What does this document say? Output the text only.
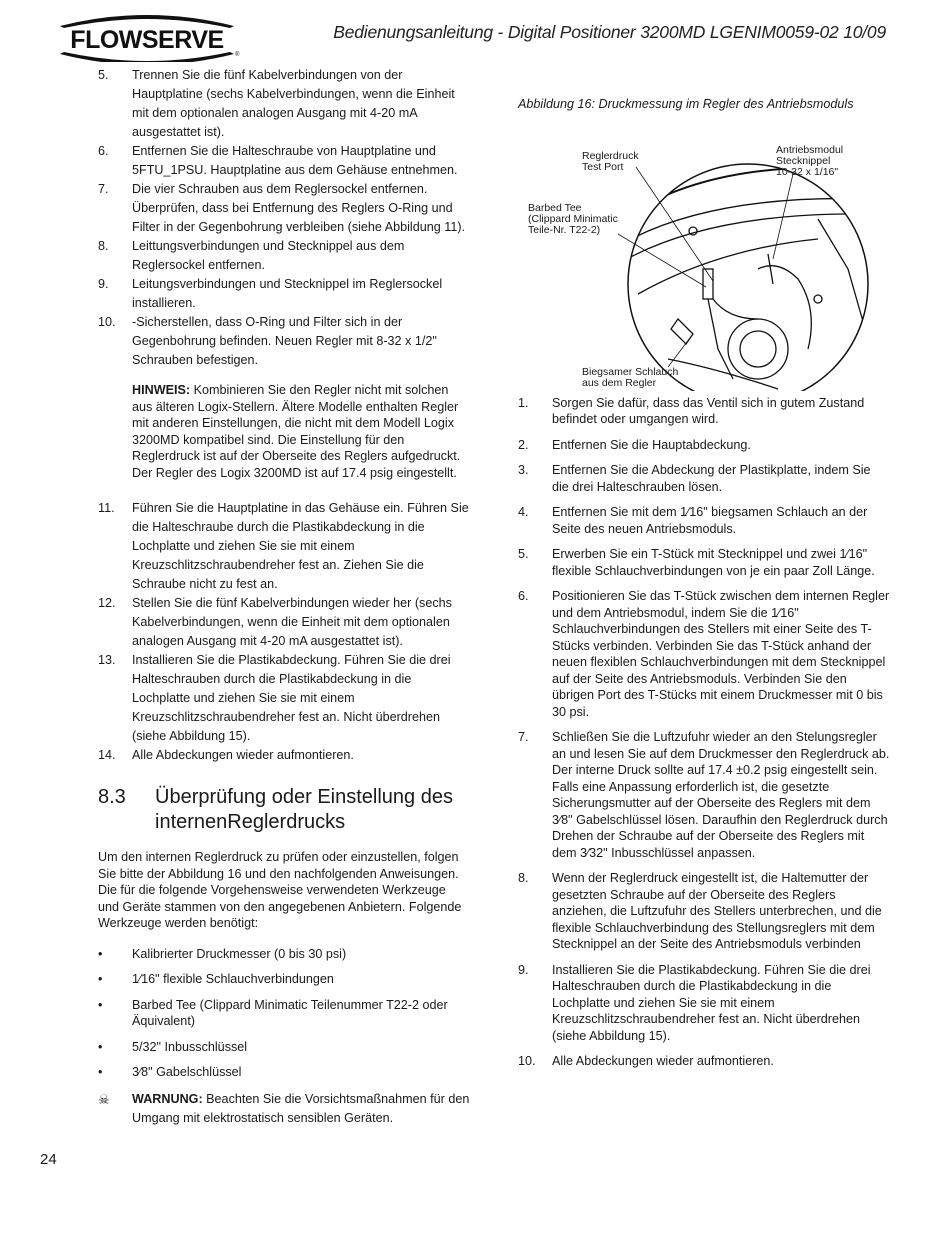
FLOWSERVE
®
Bedienungsanleitung - Digital Positioner 3200MD LGENIM0059-02 10/09
5. Trennen Sie die fünf Kabelverbindungen von der Hauptplatine (sechs Kabelverbindungen, wenn die Einheit mit dem optionalen analogen Ausgang mit 4-20 mA ausgestattet ist).
6. Entfernen Sie die Halteschraube von Hauptplatine und 5FTU_1PSU. Hauptplatine aus dem Gehäuse entnehmen.
7. Die vier Schrauben aus dem Reglersockel entfernen. Überprüfen, dass bei Entfernung des Reglers O-Ring und Filter in der Gegenbohrung verbleiben (siehe Abbildung 11).
8. Leittungsverbindungen und Stecknippel aus dem Reglersockel entfernen.
9. Leitungsverbindungen und Stecknippel im Reglersockel installieren.
10. -Sicherstellen, dass O-Ring und Filter sich in der Gegenbohrung befinden. Neuen Regler mit 8-32 x 1/2" Schrauben befestigen.
HINWEIS: Kombinieren Sie den Regler nicht mit solchen aus älteren Logix-Stellern. Ältere Modelle enthalten Regler mit anderen Einstellungen, die nicht mit dem Modell Logix 3200MD kompatibel sind. Die Einstellung für den Reglerdruck ist auf der Oberseite des Reglers aufgedruckt. Der Regler des Logix 3200MD ist auf 17.4 psig eingestellt.
11. Führen Sie die Hauptplatine in das Gehäuse ein. Führen Sie die Halteschraube durch die Plastikabdeckung in die Lochplatte und ziehen Sie sie mit einem Kreuzschlitzschraubendreher fest an. Ziehen Sie die Schraube nicht zu fest an.
12. Stellen Sie die fünf Kabelverbindungen wieder her (sechs Kabelverbindungen, wenn die Einheit mit dem optionalen analogen Ausgang mit 4-20 mA ausgestattet ist).
13. Installieren Sie die Plastikabdeckung. Führen Sie die drei Halteschrauben durch die Plastikabdeckung in die Lochplatte und ziehen Sie sie mit einem Kreuzschlitzschraubendreher fest an. Nicht überdrehen (siehe Abbildung 15).
14. Alle Abdeckungen wieder aufmontieren.
8.3 Überprüfung oder Einstellung des internenReglerdrucks
Um den internen Reglerdruck zu prüfen oder einzustellen, folgen Sie bitte der Abbildung 16 und den nachfolgenden Anweisungen. Die für die folgende Vorgehensweise verwendeten Werkzeuge und Geräte stammen von den angegebenen Anbietern. Folgende Werkzeuge werden benötigt:
• Kalibrierter Druckmesser (0 bis 30 psi)
• 1⁄16" flexible Schlauchverbindungen
• Barbed Tee (Clippard Minimatic Teilenummer T22-2 oder Äquivalent)
• 5/32" Inbusschlüssel
• 3⁄8" Gabelschlüssel
☠ WARNUNG: Beachten Sie die Vorsichtsmaßnahmen für den Umgang mit elektrostatisch sensiblen Geräten.
Abbildung 16: Druckmessung im Regler des Antriebsmoduls
Reglerdruck
Test Port
Antriebsmodul
Stecknippel
10-32 x 1/16"
Barbed Tee
(Clippard Minimatic
Teile-Nr. T22-2)
Biegsamer Schlauch
aus dem Regler
1. Sorgen Sie dafür, dass das Ventil sich in gutem Zustand befindet oder umgangen wird.
2. Entfernen Sie die Hauptabdeckung.
3. Entfernen Sie die Abdeckung der Plastikplatte, indem Sie die drei Halteschrauben lösen.
4. Entfernen Sie mit dem 1⁄16" biegsamen Schlauch an der Seite des neuen Antriebsmoduls.
5. Erwerben Sie ein T-Stück mit Stecknippel und zwei 1⁄16" flexible Schlauchverbindungen von je ein paar Zoll Länge.
6. Positionieren Sie das T-Stück zwischen dem internen Regler und dem Antriebsmodul, indem Sie die 1⁄16" Schlauchverbindungen des Stellers mit einer Seite des T-Stücks verbinden. Verbinden Sie das T-Stück anhand der neuen flexiblen Schlauchverbindungen mit dem Stecknippel auf der Seite des Antriebsmoduls. Verbinden Sie den übrigen Port des T-Stücks mit einem Druckmesser mit 0 bis 30 psi.
7. Schließen Sie die Luftzufuhr wieder an den Stelungsregler an und lesen Sie auf dem Druckmesser den Reglerdruck ab. Der interne Druck sollte auf 17.4 ±0.2 psig eingestellt sein. Falls eine Anpassung erforderlich ist, die gesetzte Sicherungsmutter auf der Oberseite des Reglers mit dem 3⁄8" Gabelschlüssel lösen. Daraufhin den Reglerdruck durch Drehen der Schraube auf der Oberseite des Reglers mit dem 3⁄32" Inbusschlüssel anpassen.
8. Wenn der Reglerdruck eingestellt ist, die Haltemutter der gesetzten Schraube auf der Oberseite des Reglers anziehen, die Luftzufuhr des Stellers unterbrechen, und die flexible Schlauchverbindung des Stellungsreglers mit dem Stecknippel an der Seite des Antriebsmoduls verbinden
9. Installieren Sie die Plastikabdeckung. Führen Sie die drei Halteschrauben durch die Plastikabdeckung in die Lochplatte und ziehen Sie sie mit einem Kreuzschlitzschraubendreher fest an. Nicht überdrehen (siehe Abbildung 15).
10. Alle Abdeckungen wieder aufmontieren.
24
